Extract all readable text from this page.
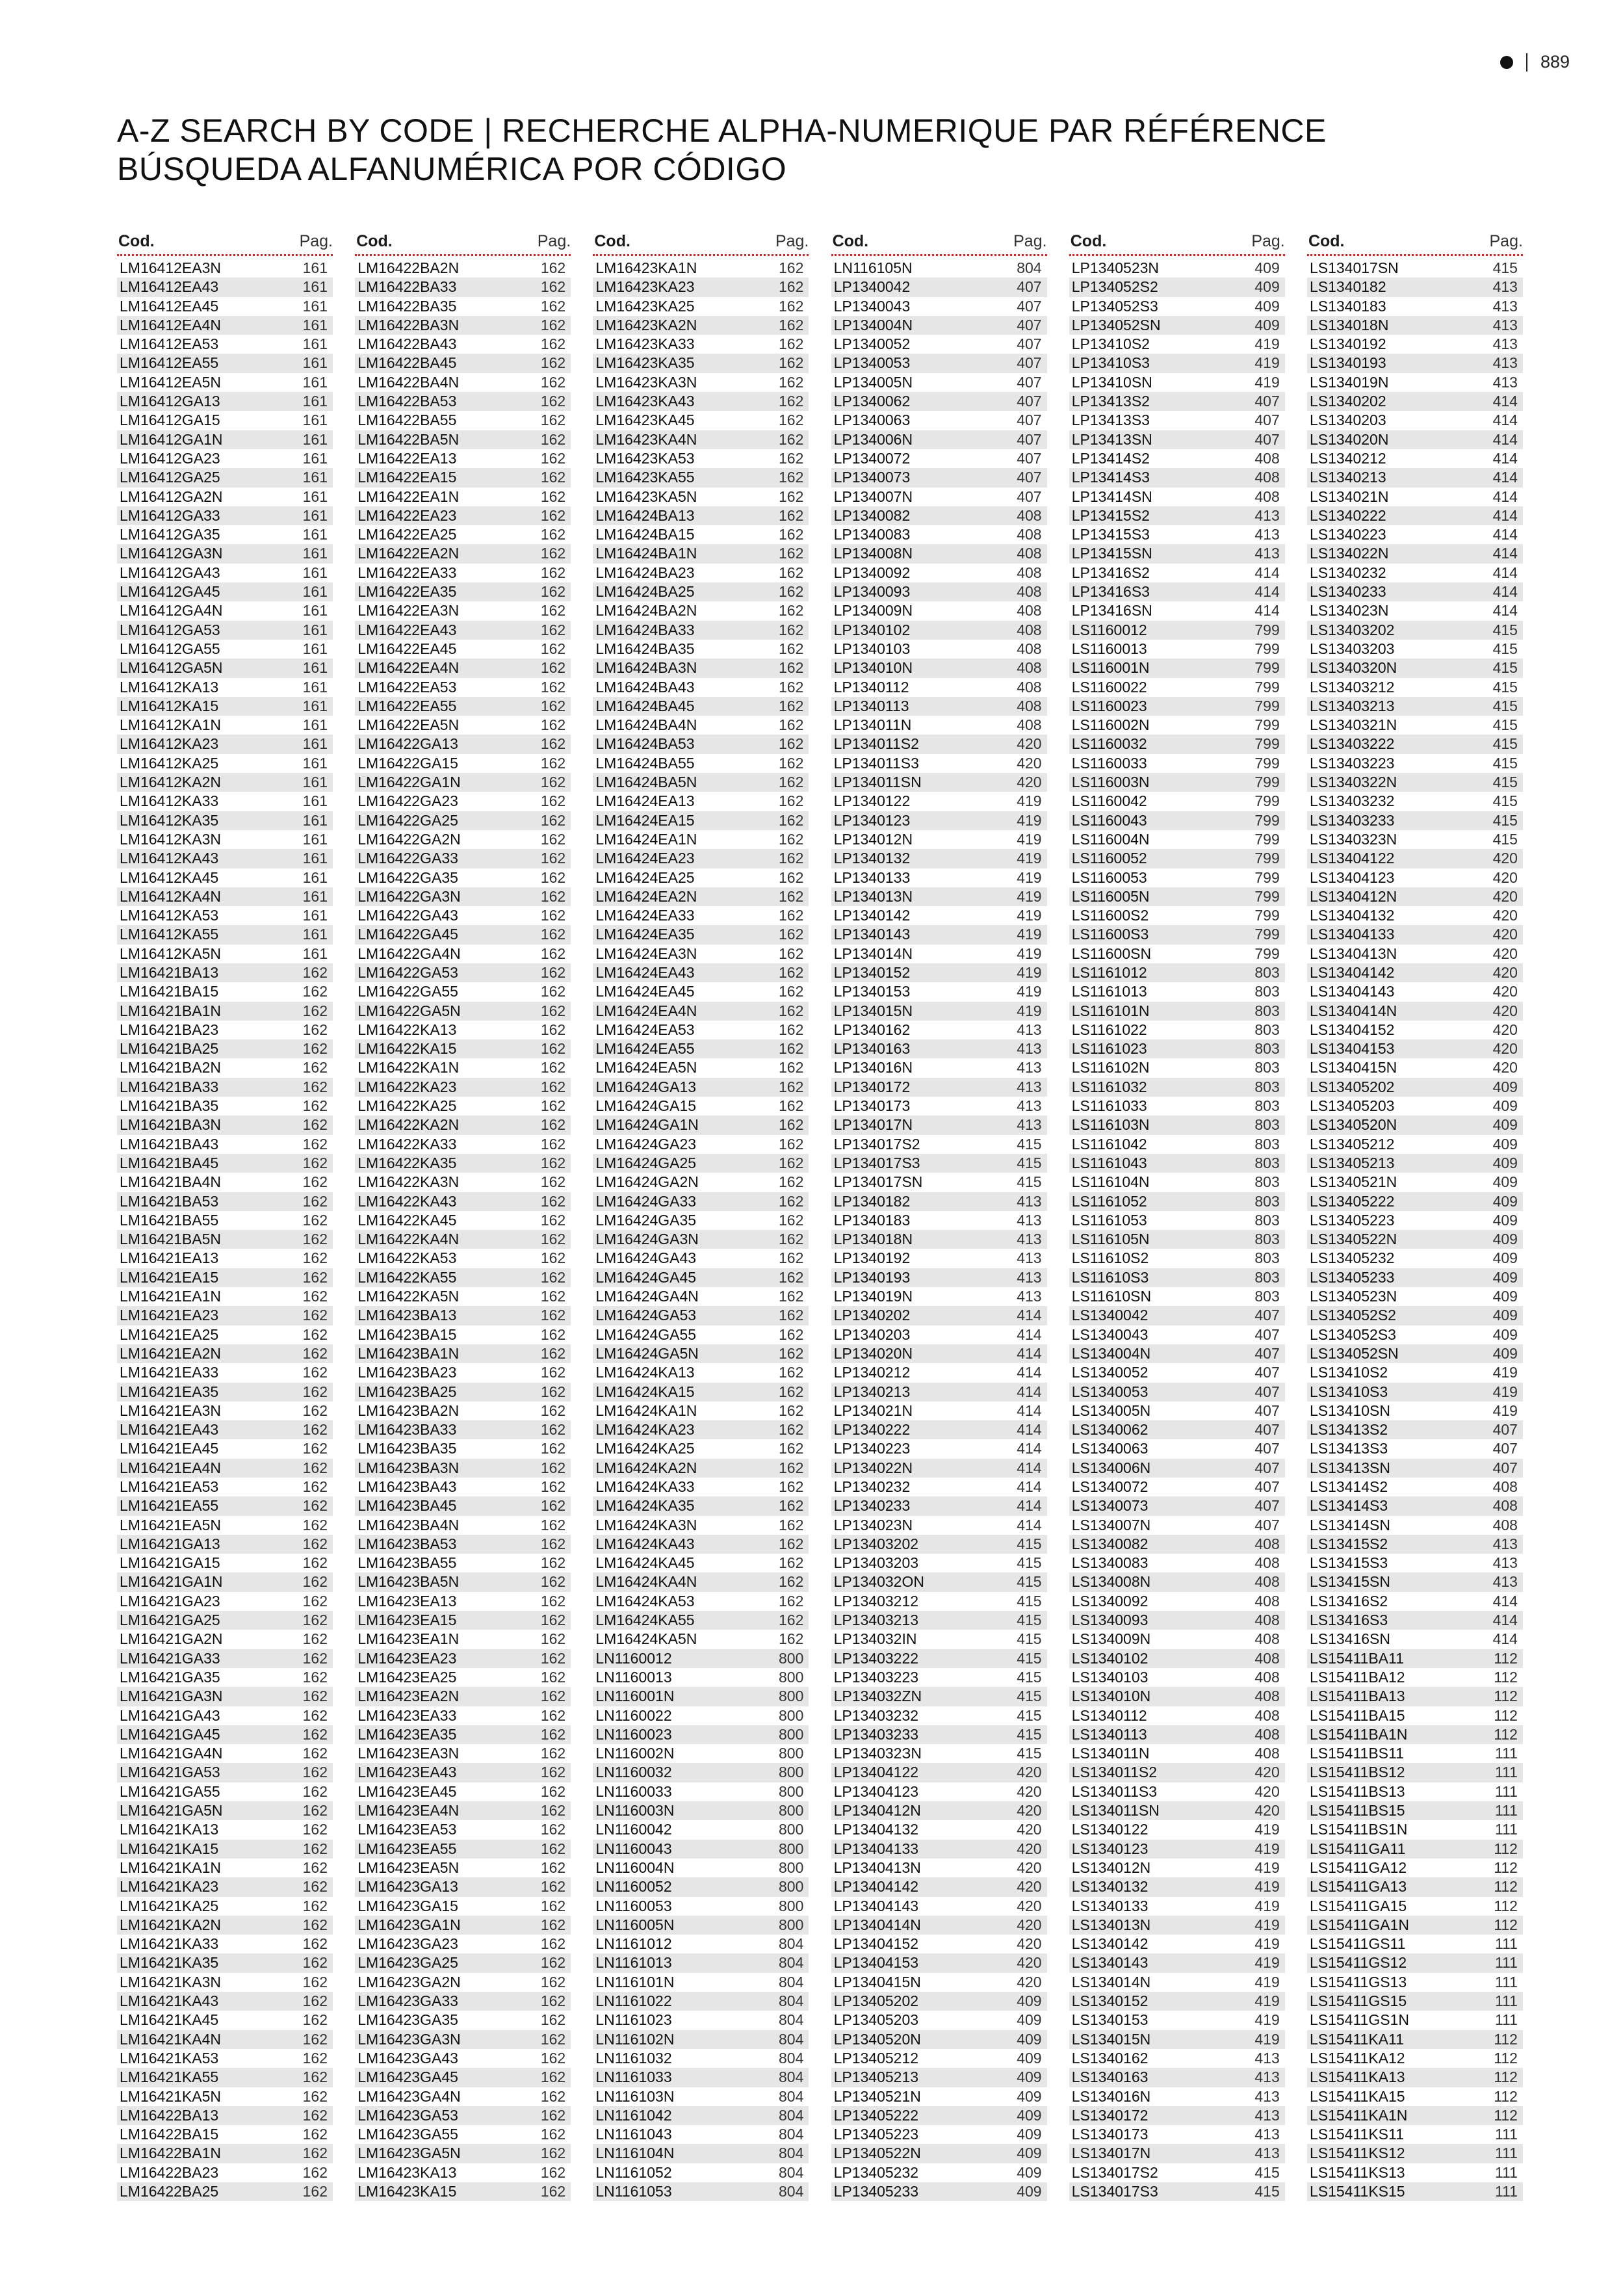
889
A-Z SEARCH BY CODE | RECHERCHE ALPHA-NUMERIQUE PAR RÉFÉRENCE
BÚSQUEDA ALFANUMÉRICA POR CÓDIGO
Cod.	Pag.
LM16412EA3N	161
LM16412EA43	161
LM16412EA45	161
LM16412EA4N	161
LM16412EA53	161
LM16412EA55	161
LM16412EA5N	161
LM16412GA13	161
LM16412GA15	161
LM16412GA1N	161
LM16412GA23	161
LM16412GA25	161
LM16412GA2N	161
LM16412GA33	161
LM16412GA35	161
LM16412GA3N	161
LM16412GA43	161
LM16412GA45	161
LM16412GA4N	161
LM16412GA53	161
LM16412GA55	161
LM16412GA5N	161
LM16412KA13	161
LM16412KA15	161
LM16412KA1N	161
LM16412KA23	161
LM16412KA25	161
LM16412KA2N	161
LM16412KA33	161
LM16412KA35	161
LM16412KA3N	161
LM16412KA43	161
LM16412KA45	161
LM16412KA4N	161
LM16412KA53	161
LM16412KA55	161
LM16412KA5N	161
LM16421BA13	162
LM16421BA15	162
LM16421BA1N	162
LM16421BA23	162
LM16421BA25	162
LM16421BA2N	162
LM16421BA33	162
LM16421BA35	162
LM16421BA3N	162
LM16421BA43	162
LM16421BA45	162
LM16421BA4N	162
LM16421BA53	162
LM16421BA55	162
LM16421BA5N	162
LM16421EA13	162
LM16421EA15	162
LM16421EA1N	162
LM16421EA23	162
LM16421EA25	162
LM16421EA2N	162
LM16421EA33	162
LM16421EA35	162
LM16421EA3N	162
LM16421EA43	162
LM16421EA45	162
LM16421EA4N	162
LM16421EA53	162
LM16421EA55	162
LM16421EA5N	162
LM16421GA13	162
LM16421GA15	162
LM16421GA1N	162
LM16421GA23	162
LM16421GA25	162
LM16421GA2N	162
LM16421GA33	162
LM16421GA35	162
LM16421GA3N	162
LM16421GA43	162
LM16421GA45	162
LM16421GA4N	162
LM16421GA53	162
LM16421GA55	162
LM16421GA5N	162
LM16421KA13	162
LM16421KA15	162
LM16421KA1N	162
LM16421KA23	162
LM16421KA25	162
LM16421KA2N	162
LM16421KA33	162
LM16421KA35	162
LM16421KA3N	162
LM16421KA43	162
LM16421KA45	162
LM16421KA4N	162
LM16421KA53	162
LM16421KA55	162
LM16421KA5N	162
LM16422BA13	162
LM16422BA15	162
LM16422BA1N	162
LM16422BA23	162
LM16422BA25	162
Cod.	Pag.
LM16422BA2N	162
LM16422BA33	162
LM16422BA35	162
LM16422BA3N	162
LM16422BA43	162
LM16422BA45	162
LM16422BA4N	162
LM16422BA53	162
LM16422BA55	162
LM16422BA5N	162
LM16422EA13	162
LM16422EA15	162
LM16422EA1N	162
LM16422EA23	162
LM16422EA25	162
LM16422EA2N	162
LM16422EA33	162
LM16422EA35	162
LM16422EA3N	162
LM16422EA43	162
LM16422EA45	162
LM16422EA4N	162
LM16422EA53	162
LM16422EA55	162
LM16422EA5N	162
LM16422GA13	162
LM16422GA15	162
LM16422GA1N	162
LM16422GA23	162
LM16422GA25	162
LM16422GA2N	162
LM16422GA33	162
LM16422GA35	162
LM16422GA3N	162
LM16422GA43	162
LM16422GA45	162
LM16422GA4N	162
LM16422GA53	162
LM16422GA55	162
LM16422GA5N	162
LM16422KA13	162
LM16422KA15	162
LM16422KA1N	162
LM16422KA23	162
LM16422KA25	162
LM16422KA2N	162
LM16422KA33	162
LM16422KA35	162
LM16422KA3N	162
LM16422KA43	162
LM16422KA45	162
LM16422KA4N	162
LM16422KA53	162
LM16422KA55	162
LM16422KA5N	162
LM16423BA13	162
LM16423BA15	162
LM16423BA1N	162
LM16423BA23	162
LM16423BA25	162
LM16423BA2N	162
LM16423BA33	162
LM16423BA35	162
LM16423BA3N	162
LM16423BA43	162
LM16423BA45	162
LM16423BA4N	162
LM16423BA53	162
LM16423BA55	162
LM16423BA5N	162
LM16423EA13	162
LM16423EA15	162
LM16423EA1N	162
LM16423EA23	162
LM16423EA25	162
LM16423EA2N	162
LM16423EA33	162
LM16423EA35	162
LM16423EA3N	162
LM16423EA43	162
LM16423EA45	162
LM16423EA4N	162
LM16423EA53	162
LM16423EA55	162
LM16423EA5N	162
LM16423GA13	162
LM16423GA15	162
LM16423GA1N	162
LM16423GA23	162
LM16423GA25	162
LM16423GA2N	162
LM16423GA33	162
LM16423GA35	162
LM16423GA3N	162
LM16423GA43	162
LM16423GA45	162
LM16423GA4N	162
LM16423GA53	162
LM16423GA55	162
LM16423GA5N	162
LM16423KA13	162
LM16423KA15	162
Cod.	Pag.
LM16423KA1N	162
LM16423KA23	162
LM16423KA25	162
LM16423KA2N	162
LM16423KA33	162
LM16423KA35	162
LM16423KA3N	162
LM16423KA43	162
LM16423KA45	162
LM16423KA4N	162
LM16423KA53	162
LM16423KA55	162
LM16423KA5N	162
LM16424BA13	162
LM16424BA15	162
LM16424BA1N	162
LM16424BA23	162
LM16424BA25	162
LM16424BA2N	162
LM16424BA33	162
LM16424BA35	162
LM16424BA3N	162
LM16424BA43	162
LM16424BA45	162
LM16424BA4N	162
LM16424BA53	162
LM16424BA55	162
LM16424BA5N	162
LM16424EA13	162
LM16424EA15	162
LM16424EA1N	162
LM16424EA23	162
LM16424EA25	162
LM16424EA2N	162
LM16424EA33	162
LM16424EA35	162
LM16424EA3N	162
LM16424EA43	162
LM16424EA45	162
LM16424EA4N	162
LM16424EA53	162
LM16424EA55	162
LM16424EA5N	162
LM16424GA13	162
LM16424GA15	162
LM16424GA1N	162
LM16424GA23	162
LM16424GA25	162
LM16424GA2N	162
LM16424GA33	162
LM16424GA35	162
LM16424GA3N	162
LM16424GA43	162
LM16424GA45	162
LM16424GA4N	162
LM16424GA53	162
LM16424GA55	162
LM16424GA5N	162
LM16424KA13	162
LM16424KA15	162
LM16424KA1N	162
LM16424KA23	162
LM16424KA25	162
LM16424KA2N	162
LM16424KA33	162
LM16424KA35	162
LM16424KA3N	162
LM16424KA43	162
LM16424KA45	162
LM16424KA4N	162
LM16424KA53	162
LM16424KA55	162
LM16424KA5N	162
LN1160012	800
LN1160013	800
LN116001N	800
LN1160022	800
LN1160023	800
LN116002N	800
LN1160032	800
LN1160033	800
LN116003N	800
LN1160042	800
LN1160043	800
LN116004N	800
LN1160052	800
LN1160053	800
LN116005N	800
LN1161012	804
LN1161013	804
LN116101N	804
LN1161022	804
LN1161023	804
LN116102N	804
LN1161032	804
LN1161033	804
LN116103N	804
LN1161042	804
LN1161043	804
LN116104N	804
LN1161052	804
LN1161053	804
Cod.	Pag.
LN116105N	804
LP1340042	407
LP1340043	407
LP134004N	407
LP1340052	407
LP1340053	407
LP134005N	407
LP1340062	407
LP1340063	407
LP134006N	407
LP1340072	407
LP1340073	407
LP134007N	407
LP1340082	408
LP1340083	408
LP134008N	408
LP1340092	408
LP1340093	408
LP134009N	408
LP1340102	408
LP1340103	408
LP134010N	408
LP1340112	408
LP1340113	408
LP134011N	408
LP134011S2	420
LP134011S3	420
LP134011SN	420
LP1340122	419
LP1340123	419
LP134012N	419
LP1340132	419
LP1340133	419
LP134013N	419
LP1340142	419
LP1340143	419
LP134014N	419
LP1340152	419
LP1340153	419
LP134015N	419
LP1340162	413
LP1340163	413
LP134016N	413
LP1340172	413
LP1340173	413
LP134017N	413
LP134017S2	415
LP134017S3	415
LP134017SN	415
LP1340182	413
LP1340183	413
LP134018N	413
LP1340192	413
LP1340193	413
LP134019N	413
LP1340202	414
LP1340203	414
LP134020N	414
LP1340212	414
LP1340213	414
LP134021N	414
LP1340222	414
LP1340223	414
LP134022N	414
LP1340232	414
LP1340233	414
LP134023N	414
LP13403202	415
LP13403203	415
LP134032ON	415
LP13403212	415
LP13403213	415
LP134032IN	415
LP13403222	415
LP13403223	415
LP134032ZN	415
LP13403232	415
LP13403233	415
LP134032ЗN	415
LP13404122	420
LP13404123	420
LP1340412N	420
LP13404132	420
LP13404133	420
LP1340413N	420
LP13404142	420
LP13404143	420
LP1340414N	420
LP13404152	420
LP13404153	420
LP1340415N	420
LP13405202	409
LP13405203	409
LP1340520N	409
LP13405212	409
LP13405213	409
LP1340521N	409
LP13405222	409
LP13405223	409
LP1340522N	409
LP13405232	409
LP13405233	409
Cod.	Pag.
LP1340523N	409
LP134052S2	409
LP134052S3	409
LP134052SN	409
LP13410S2	419
LP13410S3	419
LP13410SN	419
LP13413S2	407
LP13413S3	407
LP13413SN	407
LP13414S2	408
LP13414S3	408
LP13414SN	408
LP13415S2	413
LP13415S3	413
LP13415SN	413
LP13416S2	414
LP13416S3	414
LP13416SN	414
LS1160012	799
LS1160013	799
LS116001N	799
LS1160022	799
LS1160023	799
LS116002N	799
LS1160032	799
LS1160033	799
LS116003N	799
LS1160042	799
LS1160043	799
LS116004N	799
LS1160052	799
LS1160053	799
LS116005N	799
LS11600S2	799
LS11600S3	799
LS11600SN	799
LS1161012	803
LS1161013	803
LS116101N	803
LS1161022	803
LS1161023	803
LS116102N	803
LS1161032	803
LS1161033	803
LS116103N	803
LS1161042	803
LS1161043	803
LS116104N	803
LS1161052	803
LS1161053	803
LS116105N	803
LS11610S2	803
LS11610S3	803
LS11610SN	803
LS1340042	407
LS1340043	407
LS134004N	407
LS1340052	407
LS1340053	407
LS134005N	407
LS1340062	407
LS1340063	407
LS134006N	407
LS1340072	407
LS1340073	407
LS134007N	407
LS1340082	408
LS1340083	408
LS134008N	408
LS1340092	408
LS1340093	408
LS134009N	408
LS1340102	408
LS1340103	408
LS134010N	408
LS1340112	408
LS1340113	408
LS134011N	408
LS134011S2	420
LS134011S3	420
LS134011SN	420
LS1340122	419
LS1340123	419
LS134012N	419
LS1340132	419
LS1340133	419
LS134013N	419
LS1340142	419
LS1340143	419
LS134014N	419
LS1340152	419
LS1340153	419
LS134015N	419
LS1340162	413
LS1340163	413
LS134016N	413
LS1340172	413
LS1340173	413
LS134017N	413
LS134017S2	415
LS134017S3	415
Cod.	Pag.
LS134017SN	415
LS1340182	413
LS1340183	413
LS134018N	413
LS1340192	413
LS1340193	413
LS134019N	413
LS1340202	414
LS1340203	414
LS134020N	414
LS1340212	414
LS1340213	414
LS134021N	414
LS1340222	414
LS1340223	414
LS134022N	414
LS1340232	414
LS1340233	414
LS134023N	414
LS13403202	415
LS13403203	415
LS1340320N	415
LS13403212	415
LS13403213	415
LS1340321N	415
LS13403222	415
LS13403223	415
LS1340322N	415
LS13403232	415
LS13403233	415
LS1340323N	415
LS13404122	420
LS13404123	420
LS1340412N	420
LS13404132	420
LS13404133	420
LS1340413N	420
LS13404142	420
LS13404143	420
LS1340414N	420
LS13404152	420
LS13404153	420
LS1340415N	420
LS13405202	409
LS13405203	409
LS1340520N	409
LS13405212	409
LS13405213	409
LS1340521N	409
LS13405222	409
LS13405223	409
LS1340522N	409
LS13405232	409
LS13405233	409
LS1340523N	409
LS134052S2	409
LS134052S3	409
LS134052SN	409
LS13410S2	419
LS13410S3	419
LS13410SN	419
LS13413S2	407
LS13413S3	407
LS13413SN	407
LS13414S2	408
LS13414S3	408
LS13414SN	408
LS13415S2	413
LS13415S3	413
LS13415SN	413
LS13416S2	414
LS13416S3	414
LS13416SN	414
LS15411BA11	112
LS15411BA12	112
LS15411BA13	112
LS15411BA15	112
LS15411BA1N	112
LS15411BS11	111
LS15411BS12	111
LS15411BS13	111
LS15411BS15	111
LS15411BS1N	111
LS15411GA11	112
LS15411GA12	112
LS15411GA13	112
LS15411GA15	112
LS15411GA1N	112
LS15411GS11	111
LS15411GS12	111
LS15411GS13	111
LS15411GS15	111
LS15411GS1N	111
LS15411KA11	112
LS15411KA12	112
LS15411KA13	112
LS15411KA15	112
LS15411KA1N	112
LS15411KS11	111
LS15411KS12	111
LS15411KS13	111
LS15411KS15	111
